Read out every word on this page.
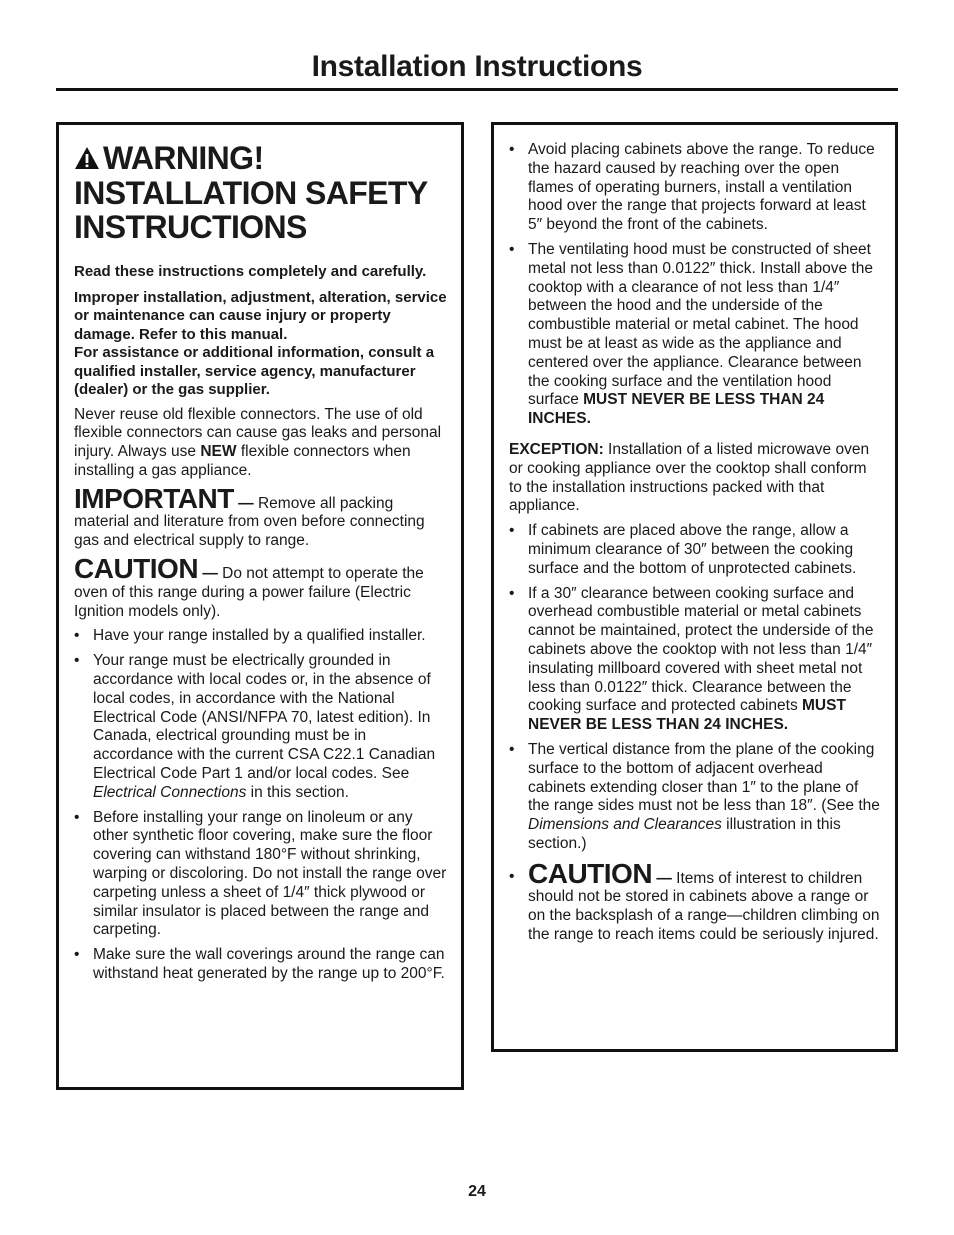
Installation Instructions
WARNING!
INSTALLATION SAFETY
INSTRUCTIONS

Read these instructions completely and carefully.

Improper installation, adjustment, alteration, service or maintenance can cause injury or property damage. Refer to this manual.

For assistance or additional information, consult a qualified installer, service agency, manufacturer (dealer) or the gas supplier.

Never reuse old flexible connectors. The use of old flexible connectors can cause gas leaks and personal injury. Always use NEW flexible connectors when installing a gas appliance.

IMPORTANT — Remove all packing material and literature from oven before connecting gas and electrical supply to range.

CAUTION — Do not attempt to operate the oven of this range during a power failure (Electric Ignition models only).

• Have your range installed by a qualified installer.
• Your range must be electrically grounded in accordance with local codes or, in the absence of local codes, in accordance with the National Electrical Code (ANSI/NFPA 70, latest edition). In Canada, electrical grounding must be in accordance with the current CSA C22.1 Canadian Electrical Code Part 1 and/or local codes. See Electrical Connections in this section.
• Before installing your range on linoleum or any other synthetic floor covering, make sure the floor covering can withstand 180°F without shrinking, warping or discoloring. Do not install the range over carpeting unless a sheet of 1/4″ thick plywood or similar insulator is placed between the range and carpeting.
• Make sure the wall coverings around the range can withstand heat generated by the range up to 200°F.
• Avoid placing cabinets above the range. To reduce the hazard caused by reaching over the open flames of operating burners, install a ventilation hood over the range that projects forward at least 5″ beyond the front of the cabinets.
• The ventilating hood must be constructed of sheet metal not less than 0.0122″ thick. Install above the cooktop with a clearance of not less than 1/4″ between the hood and the underside of the combustible material or metal cabinet. The hood must be at least as wide as the appliance and centered over the appliance. Clearance between the cooking surface and the ventilation hood surface MUST NEVER BE LESS THAN 24 INCHES.

EXCEPTION: Installation of a listed microwave oven or cooking appliance over the cooktop shall conform to the installation instructions packed with that appliance.

• If cabinets are placed above the range, allow a minimum clearance of 30″ between the cooking surface and the bottom of unprotected cabinets.
• If a 30″ clearance between cooking surface and overhead combustible material or metal cabinets cannot be maintained, protect the underside of the cabinets above the cooktop with not less than 1/4″ insulating millboard covered with sheet metal not less than 0.0122″ thick. Clearance between the cooking surface and protected cabinets MUST NEVER BE LESS THAN 24 INCHES.
• The vertical distance from the plane of the cooking surface to the bottom of adjacent overhead cabinets extending closer than 1″ to the plane of the range sides must not be less than 18″. (See the Dimensions and Clearances illustration in this section.)
• CAUTION — Items of interest to children should not be stored in cabinets above a range or on the backsplash of a range—children climbing on the range to reach items could be seriously injured.
24
